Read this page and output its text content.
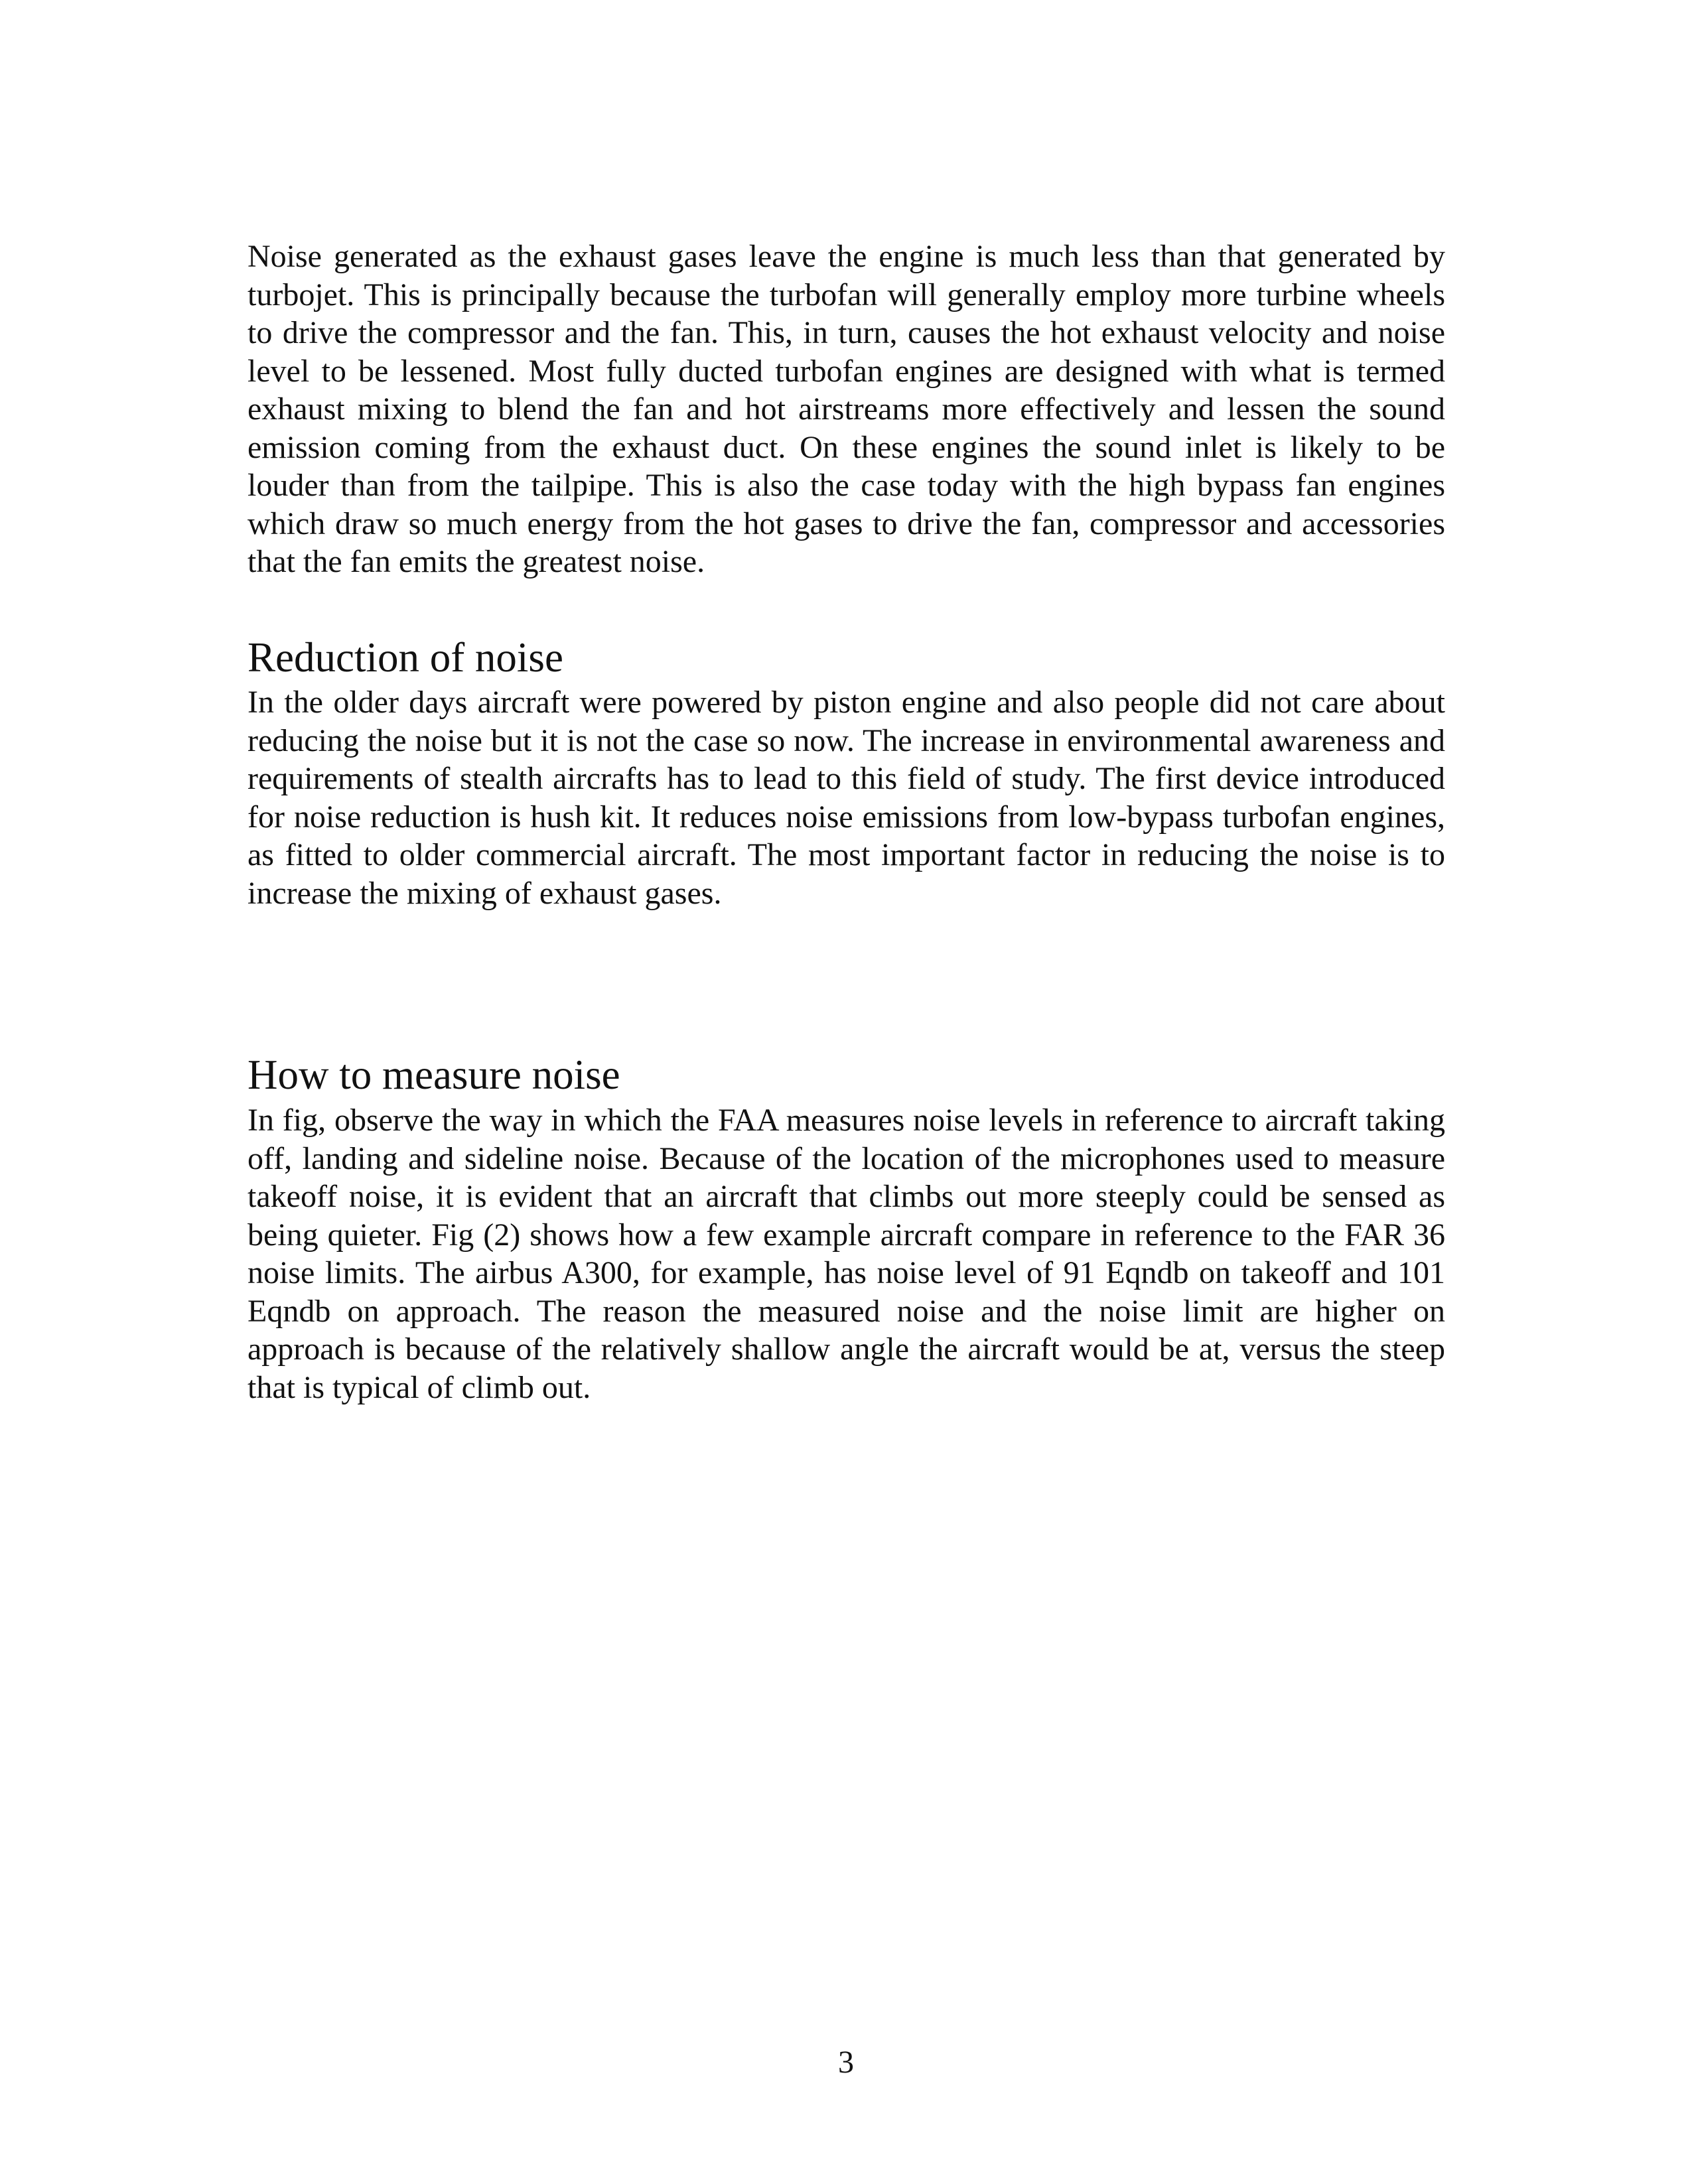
Noise generated as the exhaust gases leave the engine is much less than that generated by turbojet. This is principally because the turbofan will generally employ more turbine wheels to drive the compressor and the fan. This, in turn, causes the hot exhaust velocity and noise level to be lessened. Most fully ducted turbofan engines are designed with what is termed exhaust mixing to blend the fan and hot airstreams more effectively and lessen the sound emission coming from the exhaust duct. On these engines the sound inlet is likely to be louder than from the tailpipe. This is also the case today with the high bypass fan engines which draw so much energy from the hot gases to drive the fan, compressor and accessories that the fan emits the greatest noise.

Reduction of noise

In the older days aircraft were powered by piston engine and also people did not care about reducing the noise but it is not the case so now. The increase in environmental awareness and requirements of stealth aircrafts has to lead to this field of study. The first device introduced for noise reduction is hush kit. It reduces noise emissions from low-bypass turbofan engines, as fitted to older commercial aircraft. The most important factor in reducing the noise is to increase the mixing of exhaust gases.

How to measure noise

In fig, observe the way in which the FAA measures noise levels in reference to aircraft taking off, landing and sideline noise. Because of the location of the microphones used to measure takeoff noise, it is evident that an aircraft that climbs out more steeply could be sensed as being quieter. Fig (2) shows how a few example aircraft compare in reference to the FAR 36 noise limits. The airbus A300, for example, has noise level of 91 Eqndb on takeoff and 101 Eqndb on approach. The reason the measured noise and the noise limit are higher on approach is because of the relatively shallow angle the aircraft would be at, versus the steep that is typical of climb out.

3
